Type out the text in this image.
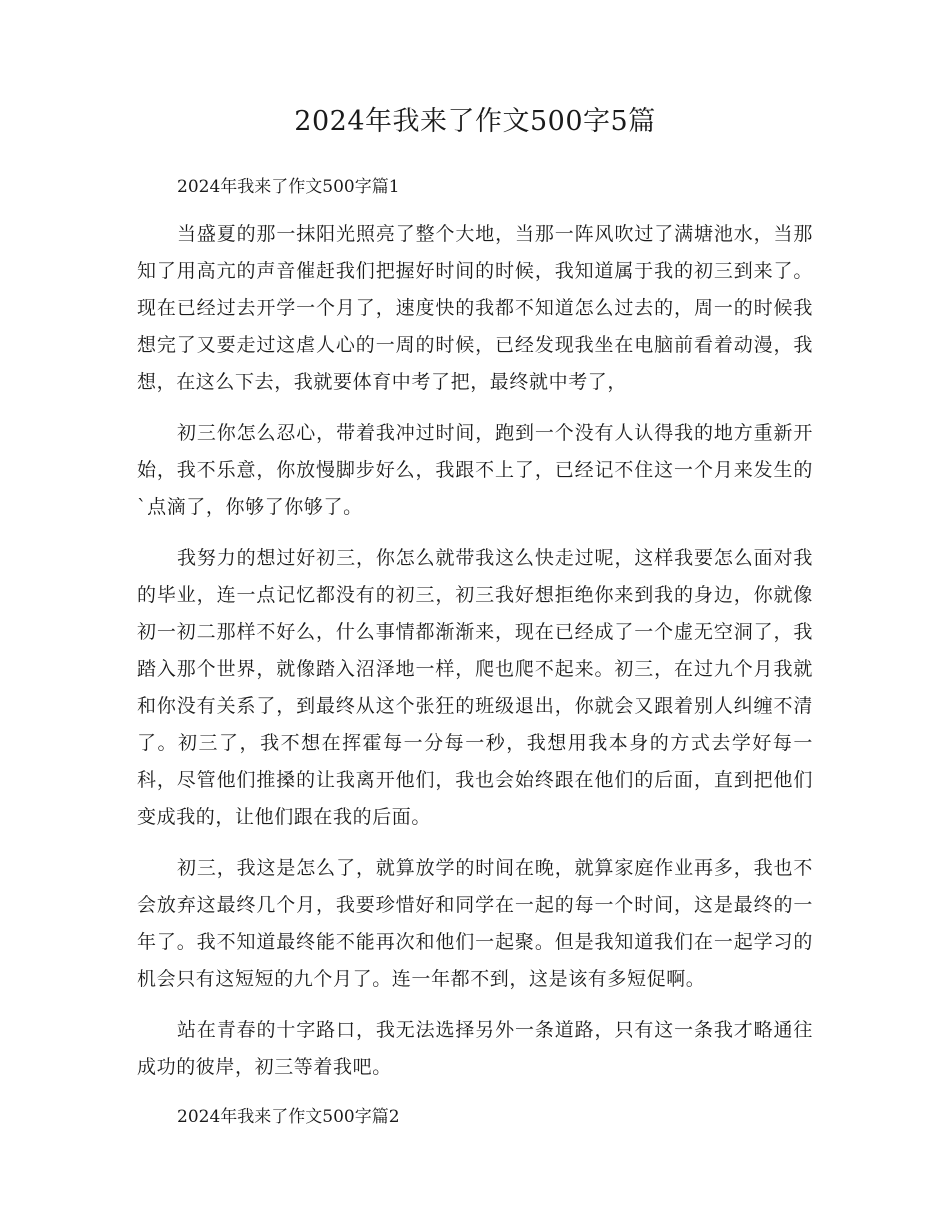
2024年我来了作文500字5篇

2024年我来了作文500字篇1

当盛夏的那一抹阳光照亮了整个大地，当那一阵风吹过了满塘池水，当那知了用高亢的声音催赶我们把握好时间的时候，我知道属于我的初三到来了。现在已经过去开学一个月了，速度快的我都不知道怎么过去的，周一的时候我想完了又要走过这虐人心的一周的时候，已经发现我坐在电脑前看着动漫，我想，在这么下去，我就要体育中考了把，最终就中考了，

初三你怎么忍心，带着我冲过时间，跑到一个没有人认得我的地方重新开始，我不乐意，你放慢脚步好么，我跟不上了，已经记不住这一个月来发生的`点滴了，你够了你够了。

我努力的想过好初三，你怎么就带我这么快走过呢，这样我要怎么面对我的毕业，连一点记忆都没有的初三，初三我好想拒绝你来到我的身边，你就像初一初二那样不好么，什么事情都渐渐来，现在已经成了一个虚无空洞了，我踏入那个世界，就像踏入沼泽地一样，爬也爬不起来。初三，在过九个月我就和你没有关系了，到最终从这个张狂的班级退出，你就会又跟着别人纠缠不清了。初三了，我不想在挥霍每一分每一秒，我想用我本身的方式去学好每一科，尽管他们推搡的让我离开他们，我也会始终跟在他们的后面，直到把他们变成我的，让他们跟在我的后面。

初三，我这是怎么了，就算放学的时间在晚，就算家庭作业再多，我也不会放弃这最终几个月，我要珍惜好和同学在一起的每一个时间，这是最终的一年了。我不知道最终能不能再次和他们一起聚。但是我知道我们在一起学习的机会只有这短短的九个月了。连一年都不到，这是该有多短促啊。

站在青春的十字路口，我无法选择另外一条道路，只有这一条我才略通往成功的彼岸，初三等着我吧。

2024年我来了作文500字篇2
